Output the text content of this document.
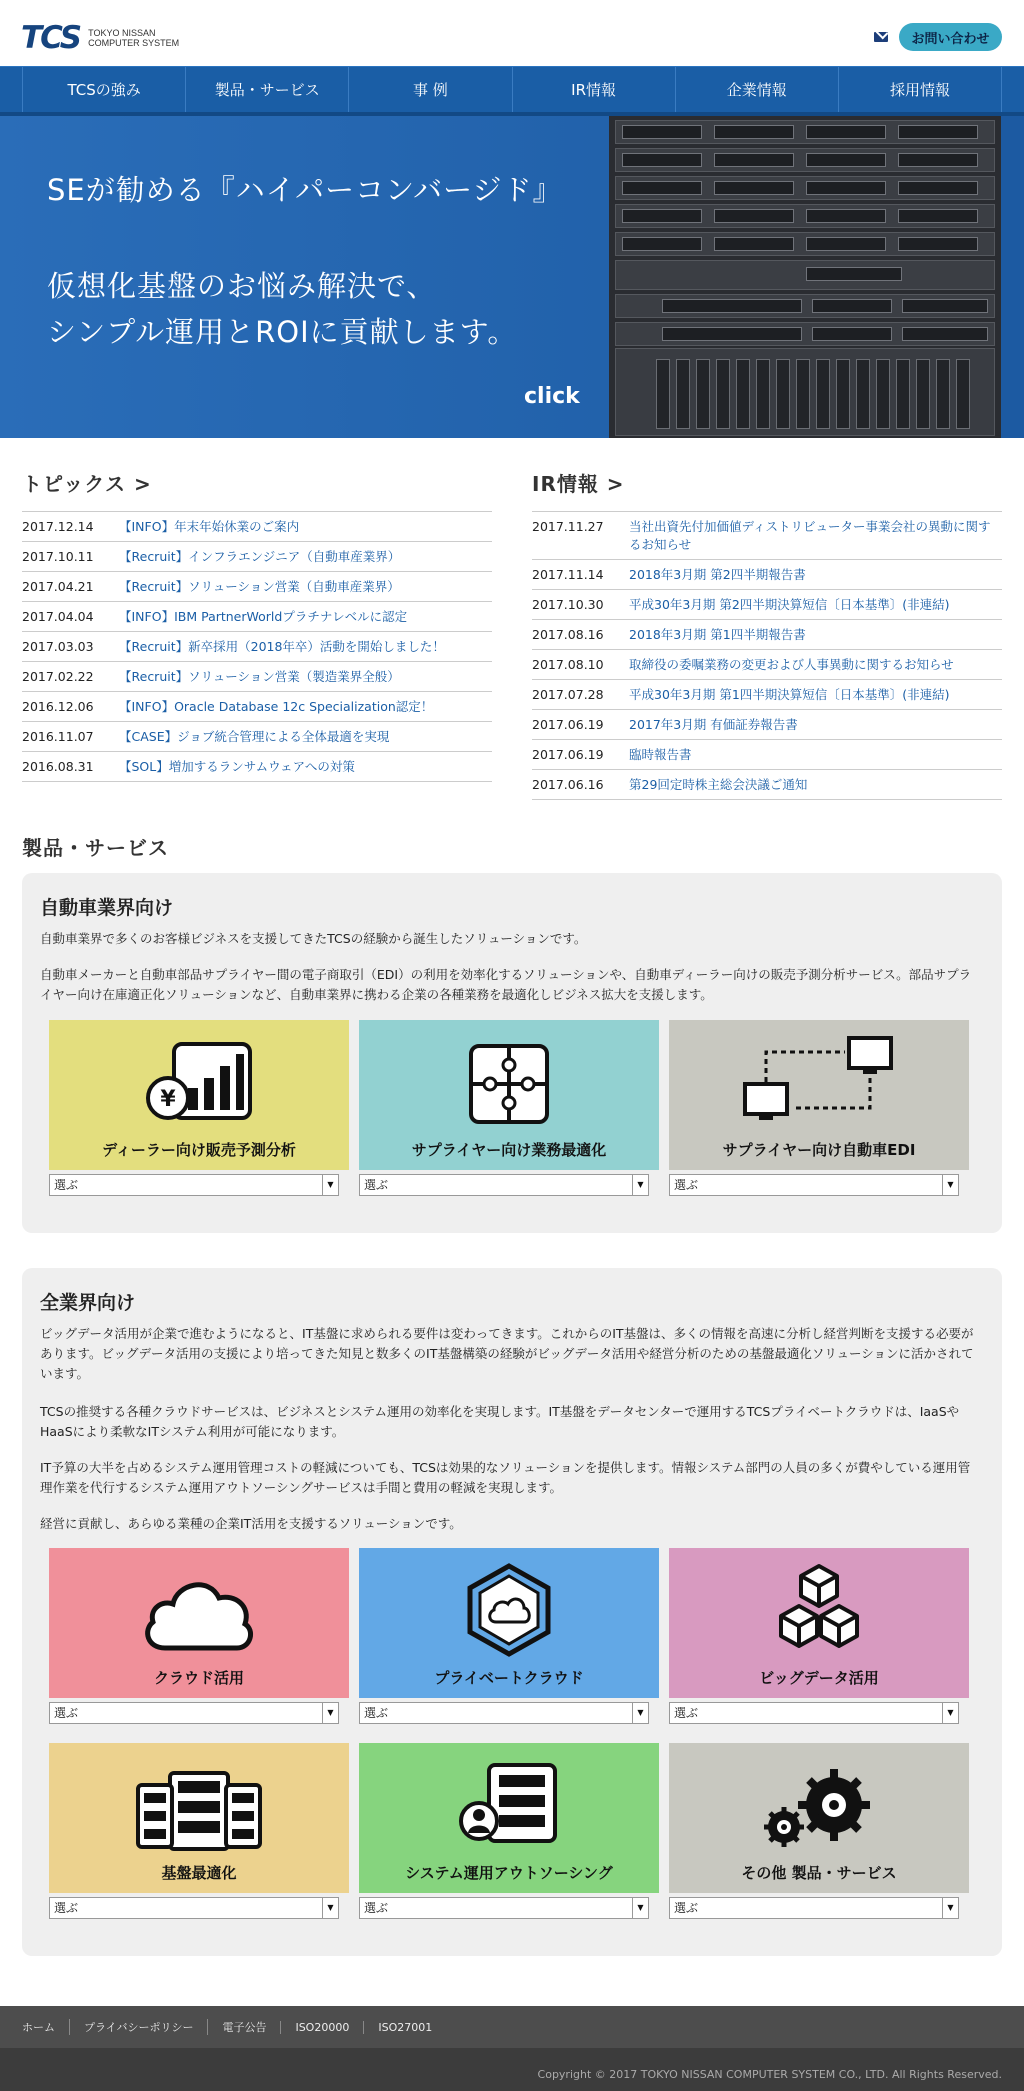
TCS TOKYO NISSAN
COMPUTER SYSTEM	お問い合わせ
TCSの強み	製品・サービス	事 例	IR情報	企業情報	採用情報
SEが勧める『ハイパーコンバージド』
仮想化基盤のお悩み解決で、
シンプル運用とROIに貢献します。
click
トピックス >
2017.12.14	【INFO】年末年始休業のご案内
2017.10.11	【Recruit】インフラエンジニア（自動車産業界）
2017.04.21	【Recruit】ソリューション営業（自動車産業界）
2017.04.04	【INFO】IBM PartnerWorldプラチナレベルに認定
2017.03.03	【Recruit】新卒採用（2018年卒）活動を開始しました！
2017.02.22	【Recruit】ソリューション営業（製造業界全般）
2016.12.06	【INFO】Oracle Database 12c Specialization認定！
2016.11.07	【CASE】ジョブ統合管理による全体最適を実現
2016.08.31	【SOL】増加するランサムウェアへの対策
IR情報 >
2017.11.27	当社出資先付加価値ディストリビューター事業会社の異動に関するお知らせ
2017.11.14	2018年3月期 第2四半期報告書
2017.10.30	平成30年3月期 第2四半期決算短信〔日本基準〕(非連結)
2017.08.16	2018年3月期 第1四半期報告書
2017.08.10	取締役の委嘱業務の変更および人事異動に関するお知らせ
2017.07.28	平成30年3月期 第1四半期決算短信〔日本基準〕(非連結)
2017.06.19	2017年3月期 有価証券報告書
2017.06.19	臨時報告書
2017.06.16	第29回定時株主総会決議ご通知
製品・サービス
自動車業界向け

自動車業界で多くのお客様ビジネスを支援してきたTCSの経験から誕生したソリューションです。

自動車メーカーと自動車部品サプライヤー間の電子商取引（EDI）の利用を効率化するソリューションや、自動車ディーラー向けの販売予測分析サービス。部品サプライヤー向け在庫適正化ソリューションなど、自動車業界に携わる企業の各種業務を最適化しビジネス拡大を支援します。

¥
ディーラー向け販売予測分析
選ぶ	▼
サプライヤー向け業務最適化
選ぶ	▼
サプライヤー向け自動車EDI
選ぶ	▼
全業界向け

ビッグデータ活用が企業で進むようになると、IT基盤に求められる要件は変わってきます。これからのIT基盤は、多くの情報を高速に分析し経営判断を支援する必要があります。ビッグデータ活用の支援により培ってきた知見と数多くのIT基盤構築の経験がビッグデータ活用や経営分析のための基盤最適化ソリューションに活かされています。

TCSの推奨する各種クラウドサービスは、ビジネスとシステム運用の効率化を実現します。IT基盤をデータセンターで運用するTCSプライベートクラウドは、IaaSやHaaSにより柔軟なITシステム利用が可能になります。

IT予算の大半を占めるシステム運用管理コストの軽減についても、TCSは効果的なソリューションを提供します。情報システム部門の人員の多くが費やしている運用管理作業を代行するシステム運用アウトソーシングサービスは手間と費用の軽減を実現します。

経営に貢献し、あらゆる業種の企業IT活用を支援するソリューションです。

クラウド活用
選ぶ	▼
プライベートクラウド
選ぶ	▼
ビッグデータ活用
選ぶ	▼
基盤最適化
選ぶ	▼
システム運用アウトソーシング
選ぶ	▼
その他 製品・サービス
選ぶ	▼
ホーム	プライバシーポリシー	電子公告	ISO20000	ISO27001
Copyright © 2017 TOKYO NISSAN COMPUTER SYSTEM CO., LTD. All Rights Reserved.
